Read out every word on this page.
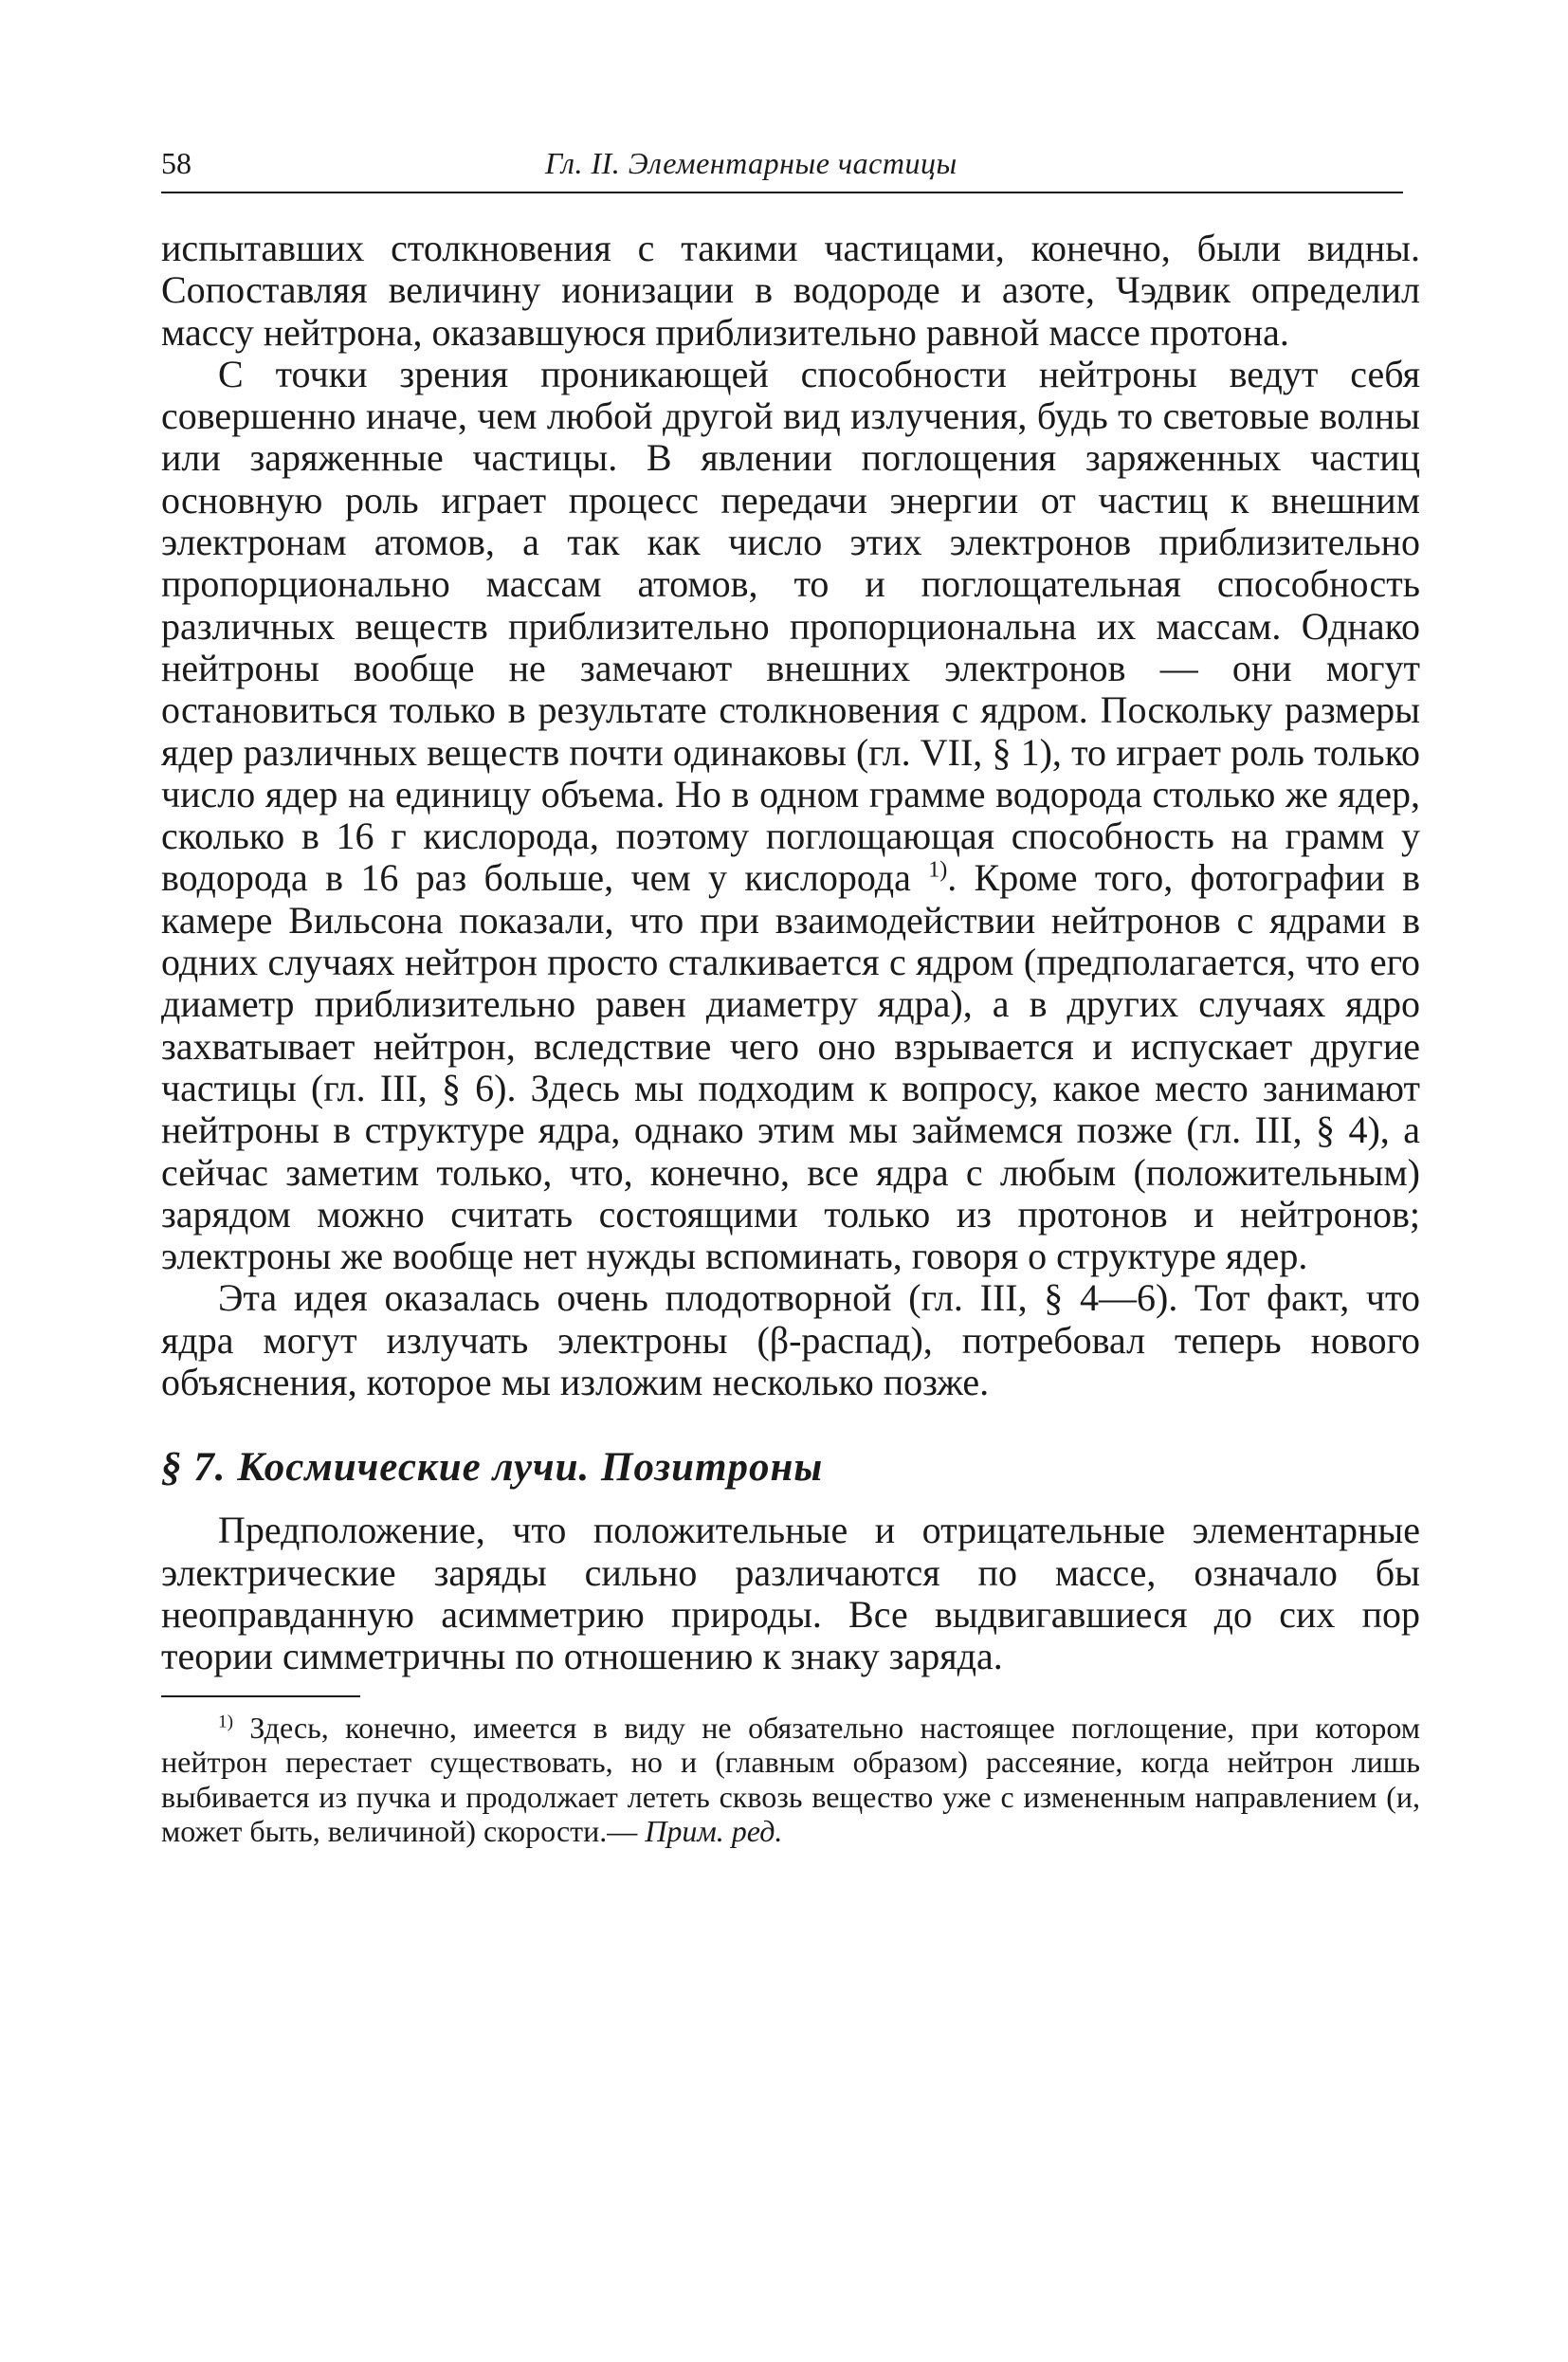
58	Гл. II. Элементарные частицы

испытавших столкновения с такими частицами, конечно, были видны. Сопоставляя величину ионизации в водороде и азоте, Чэдвик определил массу нейтрона, оказавшуюся приблизительно равной массе протона.

С точки зрения проникающей способности нейтроны ведут себя совершенно иначе, чем любой другой вид излучения, будь то световые волны или заряженные частицы. В явлении поглощения заряженных частиц основную роль играет процесс передачи энергии от частиц к внешним электронам атомов, а так как число этих электронов приблизительно пропорционально массам атомов, то и поглощательная способность различных веществ приблизительно пропорциональна их массам. Однако нейтроны вообще не замечают внешних электронов — они могут остановиться только в результате столкновения с ядром. Поскольку размеры ядер различных веществ почти одинаковы (гл. VII, § 1), то играет роль только число ядер на единицу объема. Но в одном грамме водорода столько же ядер, сколько в 16 г кислорода, поэтому поглощающая способность на грамм у водорода в 16 раз больше, чем у кислорода $^{1)}$. Кроме того, фотографии в камере Вильсона показали, что при взаимодействии нейтронов с ядрами в одних случаях нейтрон просто сталкивается с ядром (предполагается, что его диаметр приблизительно равен диаметру ядра), а в других случаях ядро захватывает нейтрон, вследствие чего оно взрывается и испускает другие частицы (гл. III, § 6). Здесь мы подходим к вопросу, какое место занимают нейтроны в структуре ядра, однако этим мы займемся позже (гл. III, § 4), а сейчас заметим только, что, конечно, все ядра с любым (положительным) зарядом можно считать состоящими только из протонов и нейтронов; электроны же вообще нет нужды вспоминать, говоря о структуре ядер.

Эта идея оказалась очень плодотворной (гл. III, § 4—6). Тот факт, что ядра могут излучать электроны (β-распад), потребовал теперь нового объяснения, которое мы изложим несколько позже.

§ 7. Космические лучи. Позитроны

Предположение, что положительные и отрицательные элементарные электрические заряды сильно различаются по массе, означало бы неоправданную асимметрию природы. Все выдвигавшиеся до сих пор теории симметричны по отношению к знаку заряда.

$^{1)}$ Здесь, конечно, имеется в виду не обязательно настоящее поглощение, при котором нейтрон перестает существовать, но и (главным образом) рассеяние, когда нейтрон лишь выбивается из пучка и продолжает лететь сквозь вещество уже с измененным направлением (и, может быть, величиной) скорости.— Прим. ред.
